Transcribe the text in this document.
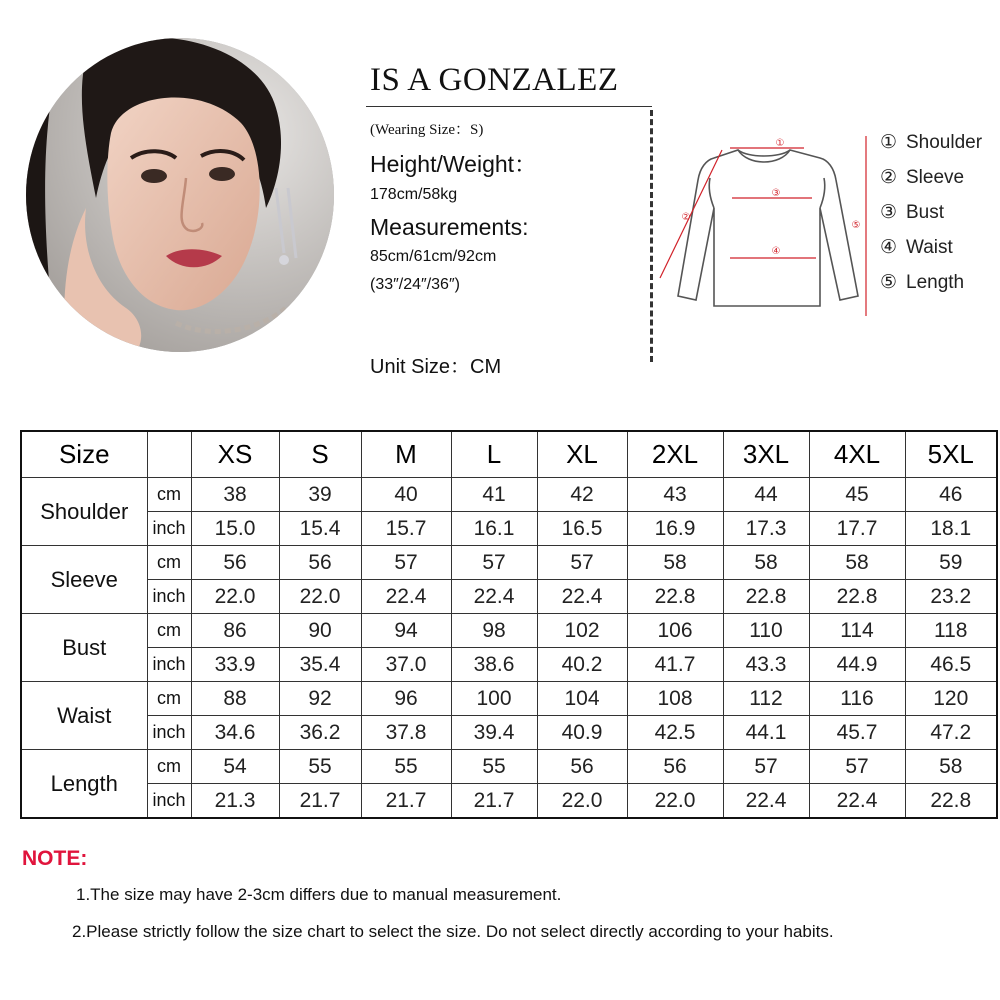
IS A GONZALEZ
(Wearing Size：S)
Height/Weight：
178cm/58kg
Measurements:
85cm/61cm/92cm
(33″/24″/36″)
Unit Size：CM
①
②
③
④
⑤
① Shoulder
② Sleeve
③ Bust
④ Waist
⑤ Length
Size		XS	S	M	L	XL	2XL	3XL	4XL	5XL
Shoulder	cm	38	39	40	41	42	43	44	45	46
	inch	15.0	15.4	15.7	16.1	16.5	16.9	17.3	17.7	18.1
Sleeve	cm	56	56	57	57	57	58	58	58	59
	inch	22.0	22.0	22.4	22.4	22.4	22.8	22.8	22.8	23.2
Bust	cm	86	90	94	98	102	106	110	114	118
	inch	33.9	35.4	37.0	38.6	40.2	41.7	43.3	44.9	46.5
Waist	cm	88	92	96	100	104	108	112	116	120
	inch	34.6	36.2	37.8	39.4	40.9	42.5	44.1	45.7	47.2
Length	cm	54	55	55	55	56	56	57	57	58
	inch	21.3	21.7	21.7	21.7	22.0	22.0	22.4	22.4	22.8
NOTE:
1.The size may have 2-3cm differs due to manual measurement.
2.Please strictly follow the size chart to select the size. Do not select directly according to your habits.
